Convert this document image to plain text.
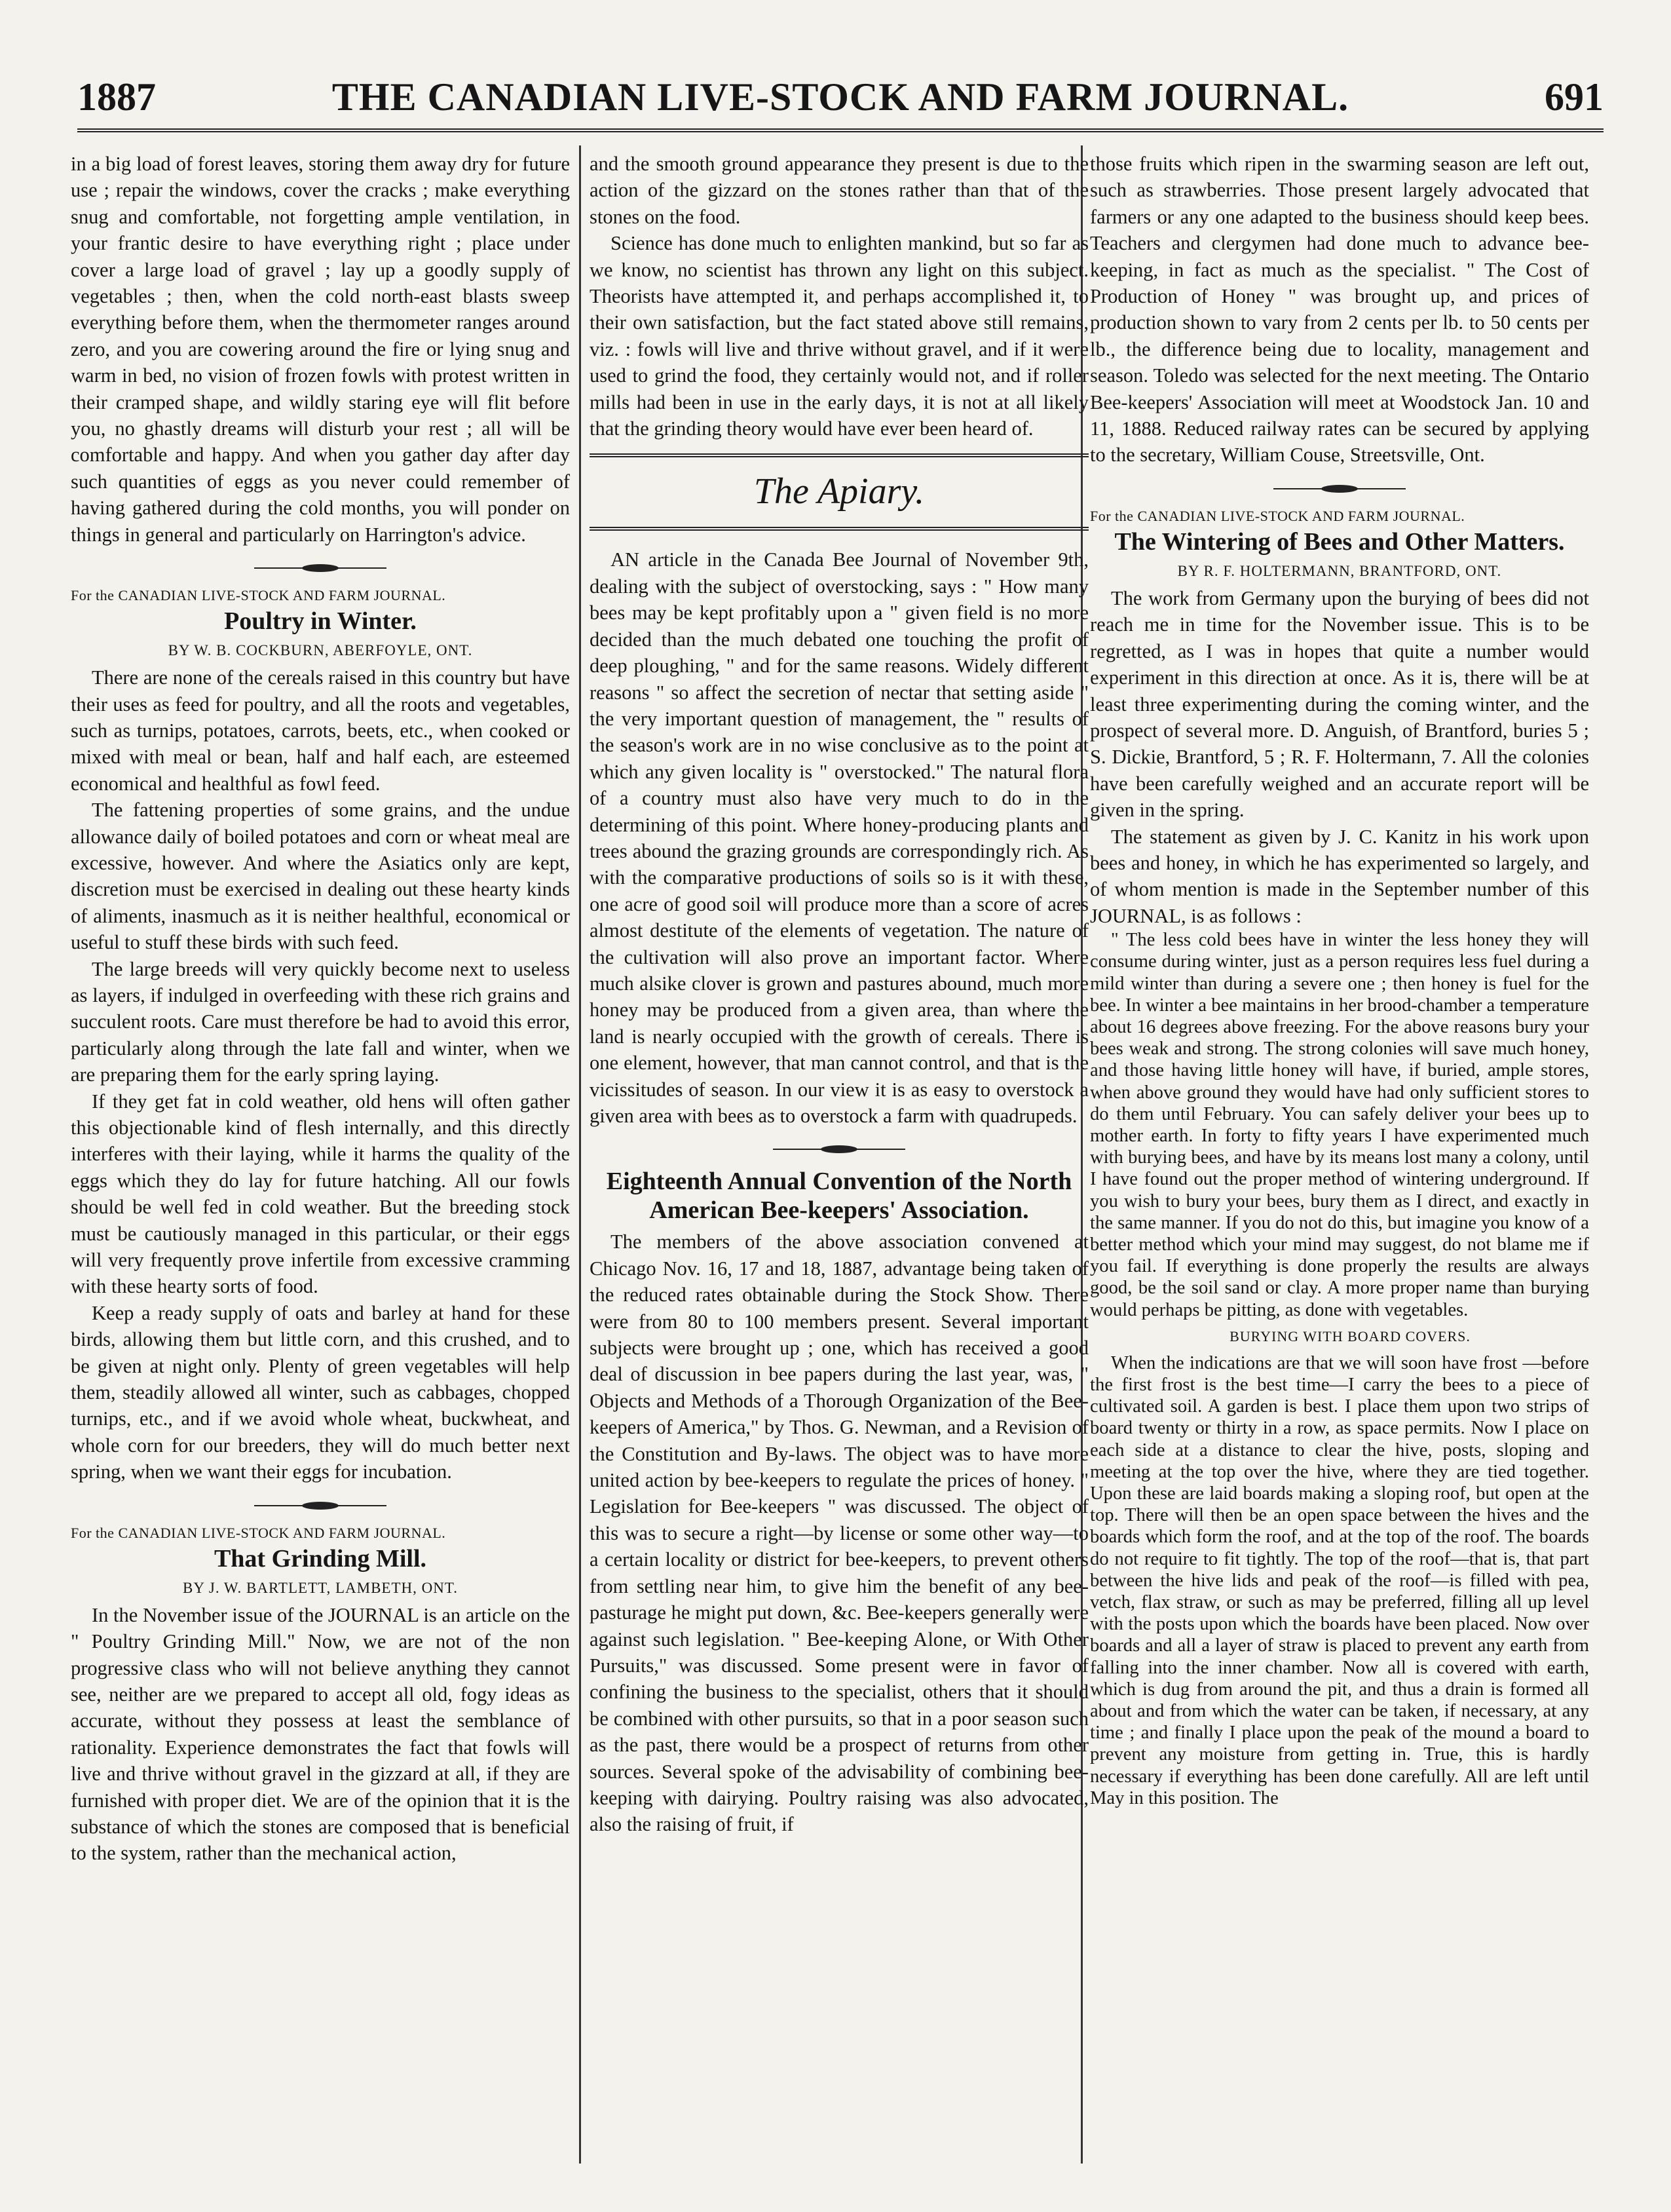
THE CANADIAN LIVE-STOCK AND FARM JOURNAL.
1887	691

in a big load of forest leaves, storing them away dry for future use ; repair the windows, cover the cracks ; make everything snug and comfortable, not forgetting ample ventilation, in your frantic desire to have everything right ; place under cover a large load of gravel ; lay up a goodly supply of vegetables ; then, when the cold north-east blasts sweep everything before them, when the thermometer ranges around zero, and you are cowering around the fire or lying snug and warm in bed, no vision of frozen fowls with protest written in their cramped shape, and wildly staring eye will flit before you, no ghastly dreams will disturb your rest ; all will be comfortable and happy. And when you gather day after day such quantities of eggs as you never could remember of having gathered during the cold months, you will ponder on things in general and particularly on Harrington's advice.

For the CANADIAN LIVE-STOCK AND FARM JOURNAL.

Poultry in Winter.

BY W. B. COCKBURN, ABERFOYLE, ONT.

There are none of the cereals raised in this country but have their uses as feed for poultry, and all the roots and vegetables, such as turnips, potatoes, carrots, beets, etc., when cooked or mixed with meal or bean, half and half each, are esteemed economical and healthful as fowl feed.

The fattening properties of some grains, and the undue allowance daily of boiled potatoes and corn or wheat meal are excessive, however. And where the Asiatics only are kept, discretion must be exercised in dealing out these hearty kinds of aliments, inasmuch as it is neither healthful, economical or useful to stuff these birds with such feed.

The large breeds will very quickly become next to useless as layers, if indulged in overfeeding with these rich grains and succulent roots. Care must therefore be had to avoid this error, particularly along through the late fall and winter, when we are preparing them for the early spring laying.

If they get fat in cold weather, old hens will often gather this objectionable kind of flesh internally, and this directly interferes with their laying, while it harms the quality of the eggs which they do lay for future hatching. All our fowls should be well fed in cold weather. But the breeding stock must be cautiously managed in this particular, or their eggs will very frequently prove infertile from excessive cramming with these hearty sorts of food.

Keep a ready supply of oats and barley at hand for these birds, allowing them but little corn, and this crushed, and to be given at night only. Plenty of green vegetables will help them, steadily allowed all winter, such as cabbages, chopped turnips, etc., and if we avoid whole wheat, buckwheat, and whole corn for our breeders, they will do much better next spring, when we want their eggs for incubation.

For the CANADIAN LIVE-STOCK AND FARM JOURNAL.

That Grinding Mill.

BY J. W. BARTLETT, LAMBETH, ONT.

In the November issue of the JOURNAL is an article on the " Poultry Grinding Mill." Now, we are not of the non progressive class who will not believe anything they cannot see, neither are we prepared to accept all old, fogy ideas as accurate, without they possess at least the semblance of rationality. Experience demonstrates the fact that fowls will live and thrive without gravel in the gizzard at all, if they are furnished with proper diet. We are of the opinion that it is the substance of which the stones are composed that is beneficial to the system, rather than the mechanical action,

and the smooth ground appearance they present is due to the action of the gizzard on the stones rather than that of the stones on the food.

Science has done much to enlighten mankind, but so far as we know, no scientist has thrown any light on this subject. Theorists have attempted it, and perhaps accomplished it, to their own satisfaction, but the fact stated above still remains, viz. : fowls will live and thrive without gravel, and if it were used to grind the food, they certainly would not, and if roller mills had been in use in the early days, it is not at all likely that the grinding theory would have ever been heard of.

The Apiary.

AN article in the Canada Bee Journal of November 9th, dealing with the subject of overstocking, says : " How many bees may be kept profitably upon a " given field is no more decided than the much debated one touching the profit of deep ploughing, " and for the same reasons. Widely different reasons " so affect the secretion of nectar that setting aside " the very important question of management, the " results of the season's work are in no wise conclusive as to the point at which any given locality is " overstocked." The natural flora of a country must also have very much to do in the determining of this point. Where honey-producing plants and trees abound the grazing grounds are correspondingly rich. As with the comparative productions of soils so is it with these, one acre of good soil will produce more than a score of acres almost destitute of the elements of vegetation. The nature of the cultivation will also prove an important factor. Where much alsike clover is grown and pastures abound, much more honey may be produced from a given area, than where the land is nearly occupied with the growth of cereals. There is one element, however, that man cannot control, and that is the vicissitudes of season. In our view it is as easy to overstock a given area with bees as to overstock a farm with quadrupeds.

Eighteenth Annual Convention of the North American Bee-keepers' Association.

The members of the above association convened at Chicago Nov. 16, 17 and 18, 1887, advantage being taken of the reduced rates obtainable during the Stock Show. There were from 80 to 100 members present. Several important subjects were brought up ; one, which has received a good deal of discussion in bee papers during the last year, was, " Objects and Methods of a Thorough Organization of the Bee-keepers of America," by Thos. G. Newman, and a Revision of the Constitution and By-laws. The object was to have more united action by bee-keepers to regulate the prices of honey. " Legislation for Bee-keepers " was discussed. The object of this was to secure a right—by license or some other way—to a certain locality or district for bee-keepers, to prevent others from settling near him, to give him the benefit of any bee-pasturage he might put down, &c. Bee-keepers generally were against such legislation. " Bee-keeping Alone, or With Other Pursuits," was discussed. Some present were in favor of confining the business to the specialist, others that it should be combined with other pursuits, so that in a poor season such as the past, there would be a prospect of returns from other sources. Several spoke of the advisability of combining bee-keeping with dairying. Poultry raising was also advocated, also the raising of fruit, if

those fruits which ripen in the swarming season are left out, such as strawberries. Those present largely advocated that farmers or any one adapted to the business should keep bees. Teachers and clergymen had done much to advance bee-keeping, in fact as much as the specialist. " The Cost of Production of Honey " was brought up, and prices of production shown to vary from 2 cents per lb. to 50 cents per lb., the difference being due to locality, management and season. Toledo was selected for the next meeting. The Ontario Bee-keepers' Association will meet at Woodstock Jan. 10 and 11, 1888. Reduced railway rates can be secured by applying to the secretary, William Couse, Streetsville, Ont.

For the CANADIAN LIVE-STOCK AND FARM JOURNAL.

The Wintering of Bees and Other Matters.

BY R. F. HOLTERMANN, BRANTFORD, ONT.

The work from Germany upon the burying of bees did not reach me in time for the November issue. This is to be regretted, as I was in hopes that quite a number would experiment in this direction at once. As it is, there will be at least three experimenting during the coming winter, and the prospect of several more. D. Anguish, of Brantford, buries 5 ; S. Dickie, Brantford, 5 ; R. F. Holtermann, 7. All the colonies have been carefully weighed and an accurate report will be given in the spring.

The statement as given by J. C. Kanitz in his work upon bees and honey, in which he has experimented so largely, and of whom mention is made in the September number of this JOURNAL, is as follows :

" The less cold bees have in winter the less honey they will consume during winter, just as a person requires less fuel during a mild winter than during a severe one ; then honey is fuel for the bee. In winter a bee maintains in her brood-chamber a temperature about 16 degrees above freezing. For the above reasons bury your bees weak and strong. The strong colonies will save much honey, and those having little honey will have, if buried, ample stores, when above ground they would have had only sufficient stores to do them until February. You can safely deliver your bees up to mother earth. In forty to fifty years I have experimented much with burying bees, and have by its means lost many a colony, until I have found out the proper method of wintering underground. If you wish to bury your bees, bury them as I direct, and exactly in the same manner. If you do not do this, but imagine you know of a better method which your mind may suggest, do not blame me if you fail. If everything is done properly the results are always good, be the soil sand or clay. A more proper name than burying would perhaps be pitting, as done with vegetables.

BURYING WITH BOARD COVERS.

When the indications are that we will soon have frost —before the first frost is the best time—I carry the bees to a piece of cultivated soil. A garden is best. I place them upon two strips of board twenty or thirty in a row, as space permits. Now I place on each side at a distance to clear the hive, posts, sloping and meeting at the top over the hive, where they are tied together. Upon these are laid boards making a sloping roof, but open at the top. There will then be an open space between the hives and the boards which form the roof, and at the top of the roof. The boards do not require to fit tightly. The top of the roof—that is, that part between the hive lids and peak of the roof—is filled with pea, vetch, flax straw, or such as may be preferred, filling all up level with the posts upon which the boards have been placed. Now over boards and all a layer of straw is placed to prevent any earth from falling into the inner chamber. Now all is covered with earth, which is dug from around the pit, and thus a drain is formed all about and from which the water can be taken, if necessary, at any time ; and finally I place upon the peak of the mound a board to prevent any moisture from getting in. True, this is hardly necessary if everything has been done carefully. All are left until May in this position. The
